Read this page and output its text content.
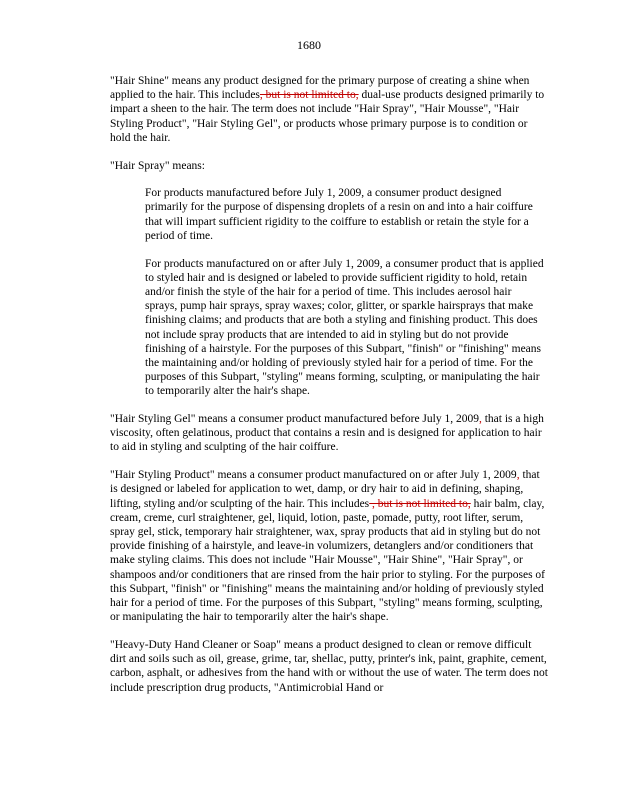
1680

"Hair Shine" means any product designed for the primary purpose of creating a shine when applied to the hair. This includes, but is not limited to, dual-use products designed primarily to impart a sheen to the hair. The term does not include "Hair Spray", "Hair Mousse", "Hair Styling Product", "Hair Styling Gel", or products whose primary purpose is to condition or hold the hair.

"Hair Spray" means:

For products manufactured before July 1, 2009, a consumer product designed primarily for the purpose of dispensing droplets of a resin on and into a hair coiffure that will impart sufficient rigidity to the coiffure to establish or retain the style for a period of time.

For products manufactured on or after July 1, 2009, a consumer product that is applied to styled hair and is designed or labeled to provide sufficient rigidity to hold, retain and/or finish the style of the hair for a period of time. This includes aerosol hair sprays, pump hair sprays, spray waxes; color, glitter, or sparkle hairsprays that make finishing claims; and products that are both a styling and finishing product. This does not include spray products that are intended to aid in styling but do not provide finishing of a hairstyle. For the purposes of this Subpart, "finish" or "finishing" means the maintaining and/or holding of previously styled hair for a period of time. For the purposes of this Subpart, "styling" means forming, sculpting, or manipulating the hair to temporarily alter the hair's shape.

"Hair Styling Gel" means a consumer product manufactured before July 1, 2009, that is a high viscosity, often gelatinous, product that contains a resin and is designed for application to hair to aid in styling and sculpting of the hair coiffure.

"Hair Styling Product" means a consumer product manufactured on or after July 1, 2009, that is designed or labeled for application to wet, damp, or dry hair to aid in defining, shaping, lifting, styling and/or sculpting of the hair. This includes , but is not limited to, hair balm, clay, cream, creme, curl straightener, gel, liquid, lotion, paste, pomade, putty, root lifter, serum, spray gel, stick, temporary hair straightener, wax, spray products that aid in styling but do not provide finishing of a hairstyle, and leave-in volumizers, detanglers and/or conditioners that make styling claims. This does not include "Hair Mousse", "Hair Shine", "Hair Spray", or shampoos and/or conditioners that are rinsed from the hair prior to styling. For the purposes of this Subpart, "finish" or "finishing" means the maintaining and/or holding of previously styled hair for a period of time. For the purposes of this Subpart, "styling" means forming, sculpting, or manipulating the hair to temporarily alter the hair's shape.

"Heavy-Duty Hand Cleaner or Soap" means a product designed to clean or remove difficult dirt and soils such as oil, grease, grime, tar, shellac, putty, printer's ink, paint, graphite, cement, carbon, asphalt, or adhesives from the hand with or without the use of water. The term does not include prescription drug products, "Antimicrobial Hand or
